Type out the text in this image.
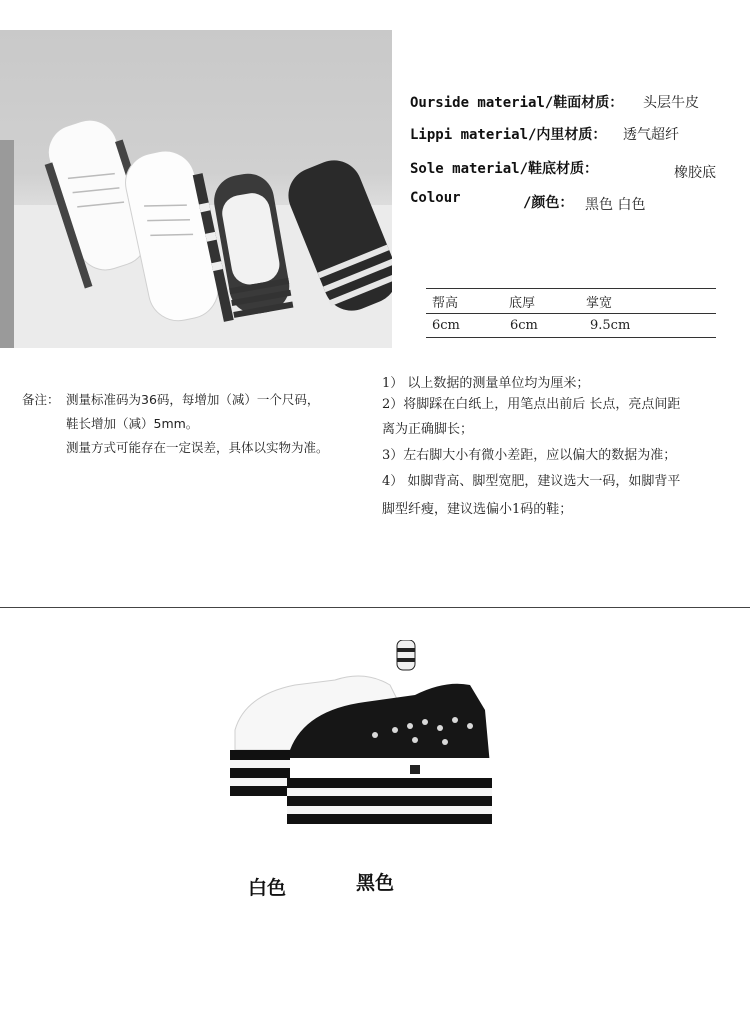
Ourside material/鞋面材质： 头层牛皮
Lippi material/内里材质： 透气超纤
Sole material/鞋底材质：	橡胶底
Colour	/颜色： 黑色 白色
帮高	底厚	掌宽
6cm	6cm	9.5cm
备注： 测量标准码为36码，每增加（减）一个尺码，
鞋长增加（减）5mm。
测量方式可能存在一定误差，具体以实物为准。
1） 以上数据的测量单位均为厘米；
2）将脚踩在白纸上，用笔点出前后 长点，亮点间距
离为正确脚长；
3）左右脚大小有微小差距，应以偏大的数据为准；
4） 如脚背高、脚型宽肥，建议选大一码，如脚背平
脚型纤瘦，建议选偏小1码的鞋；
白色	黑色
